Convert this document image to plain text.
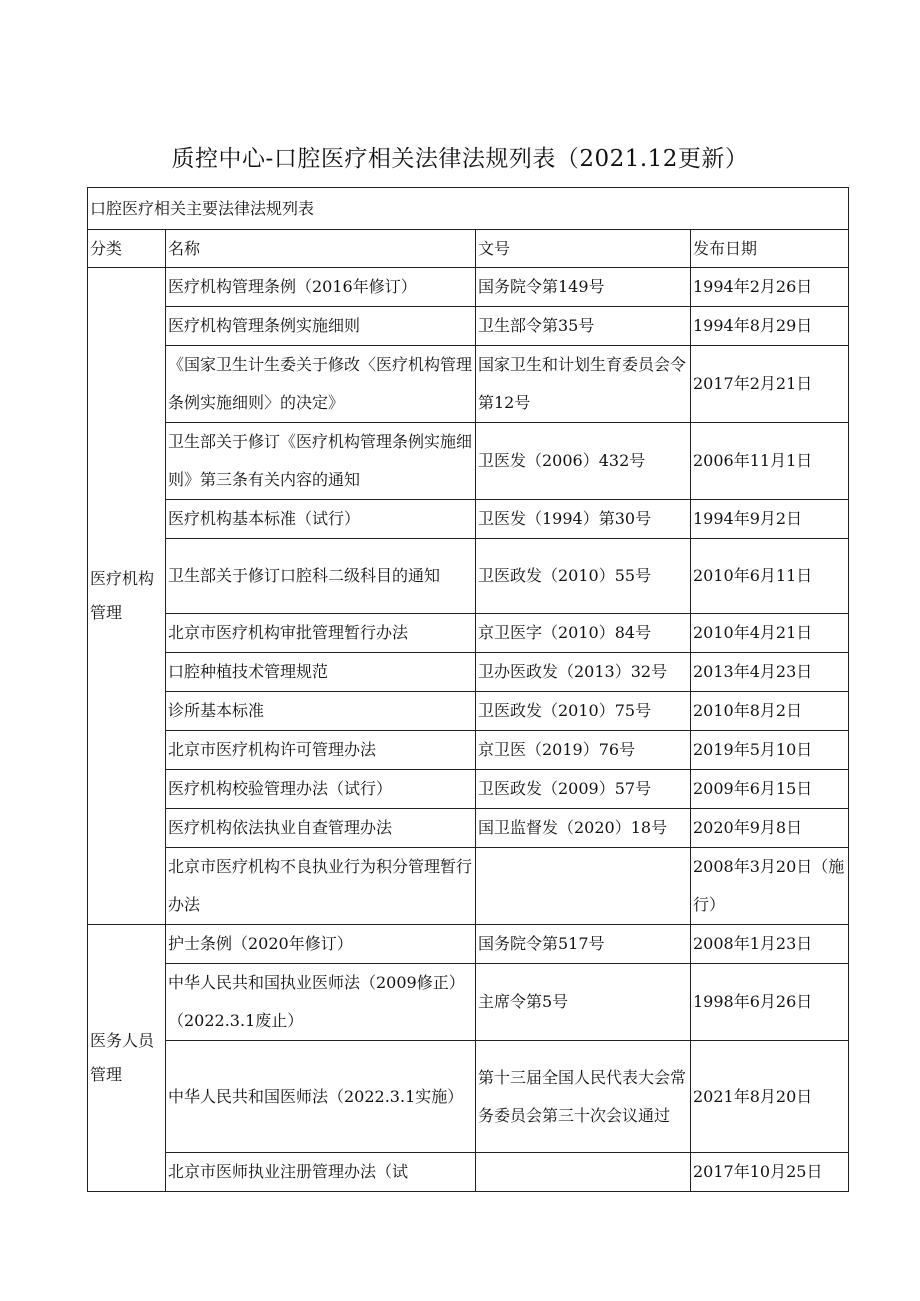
质控中心-口腔医疗相关法律法规列表（2021.12更新）
口腔医疗相关主要法律法规列表			
分类	名称	文号	发布日期
医疗机构管理	医疗机构管理条例（2016年修订）	国务院令第149号	1994年2月26日
	医疗机构管理条例实施细则	卫生部令第35号	1994年8月29日
	《国家卫生计生委关于修改〈医疗机构管理条例实施细则〉的决定》	国家卫生和计划生育委员会令第12号	2017年2月21日
	卫生部关于修订《医疗机构管理条例实施细则》第三条有关内容的通知	卫医发（2006）432号	2006年11月1日
	医疗机构基本标准（试行）	卫医发（1994）第30号	1994年9月2日
	卫生部关于修订口腔科二级科目的通知	卫医政发（2010）55号	2010年6月11日
	北京市医疗机构审批管理暂行办法	京卫医字（2010）84号	2010年4月21日
	口腔种植技术管理规范	卫办医政发（2013）32号	2013年4月23日
	诊所基本标准	卫医政发（2010）75号	2010年8月2日
	北京市医疗机构许可管理办法	京卫医（2019）76号	2019年5月10日
	医疗机构校验管理办法（试行）	卫医政发（2009）57号	2009年6月15日
	医疗机构依法执业自查管理办法	国卫监督发（2020）18号	2020年9月8日
	北京市医疗机构不良执业行为积分管理暂行办法		2008年3月20日（施行）
医务人员管理	护士条例（2020年修订）	国务院令第517号	2008年1月23日
	中华人民共和国执业医师法（2009修正）（2022.3.1废止）	主席令第5号	1998年6月26日
	中华人民共和国医师法（2022.3.1实施）	第十三届全国人民代表大会常务委员会第三十次会议通过	2021年8月20日
	北京市医师执业注册管理办法（试		2017年10月25日
